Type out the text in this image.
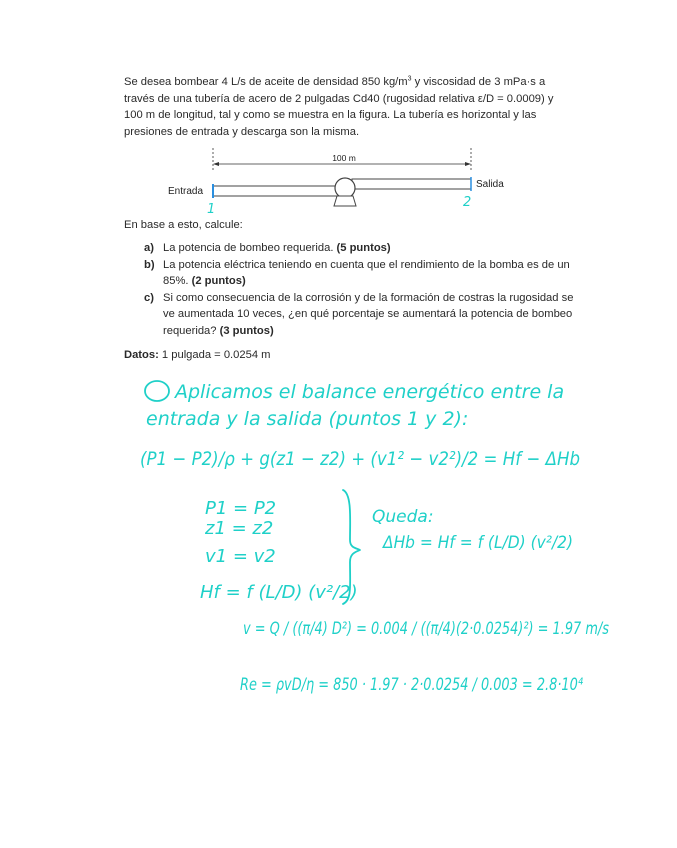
Se desea bombear 4 L/s de aceite de densidad 850 $kg/m^3$ y viscosidad de 3 mPa·s a través de una tubería de acero de 2 pulgadas Cd40 (rugosidad relativa ε/D = 0.0009) y 100 m de longitud, tal y como se muestra en la figura. La tubería es horizontal y las presiones de entrada y descarga son la misma.
100 m
Entrada
Salida
1	2
En base a esto, calcule:
a) La potencia de bombeo requerida. (5 puntos)
b) La potencia eléctrica teniendo en cuenta que el rendimiento de la bomba es de un 85%. (2 puntos)
c) Si como consecuencia de la corrosión y de la formación de costras la rugosidad se ve aumentada 10 veces, ¿en qué porcentaje se aumentará la potencia de bombeo requerida? (3 puntos)
Datos: 1 pulgada = 0.0254 m
Aplicamos el balance energético entre la
entrada y la salida (puntos 1 y 2):
(P1 − P2)/ρ + g(z1 − z2) + (v1² − v2²)/2 = Hf − ΔHb
P1 = P2
z1 = z2
v1 = v2
Hf = f (L/D) (v²/2)
Queda:
ΔHb = Hf = f (L/D) (v²/2)
v = Q / ((π/4) D²) = 0.004 / ((π/4)(2·0.0254)²) = 1.97 m/s
Re = ρvD/η = 850 · 1.97 · 2·0.0254 / 0.003 = 2.8·10⁴
